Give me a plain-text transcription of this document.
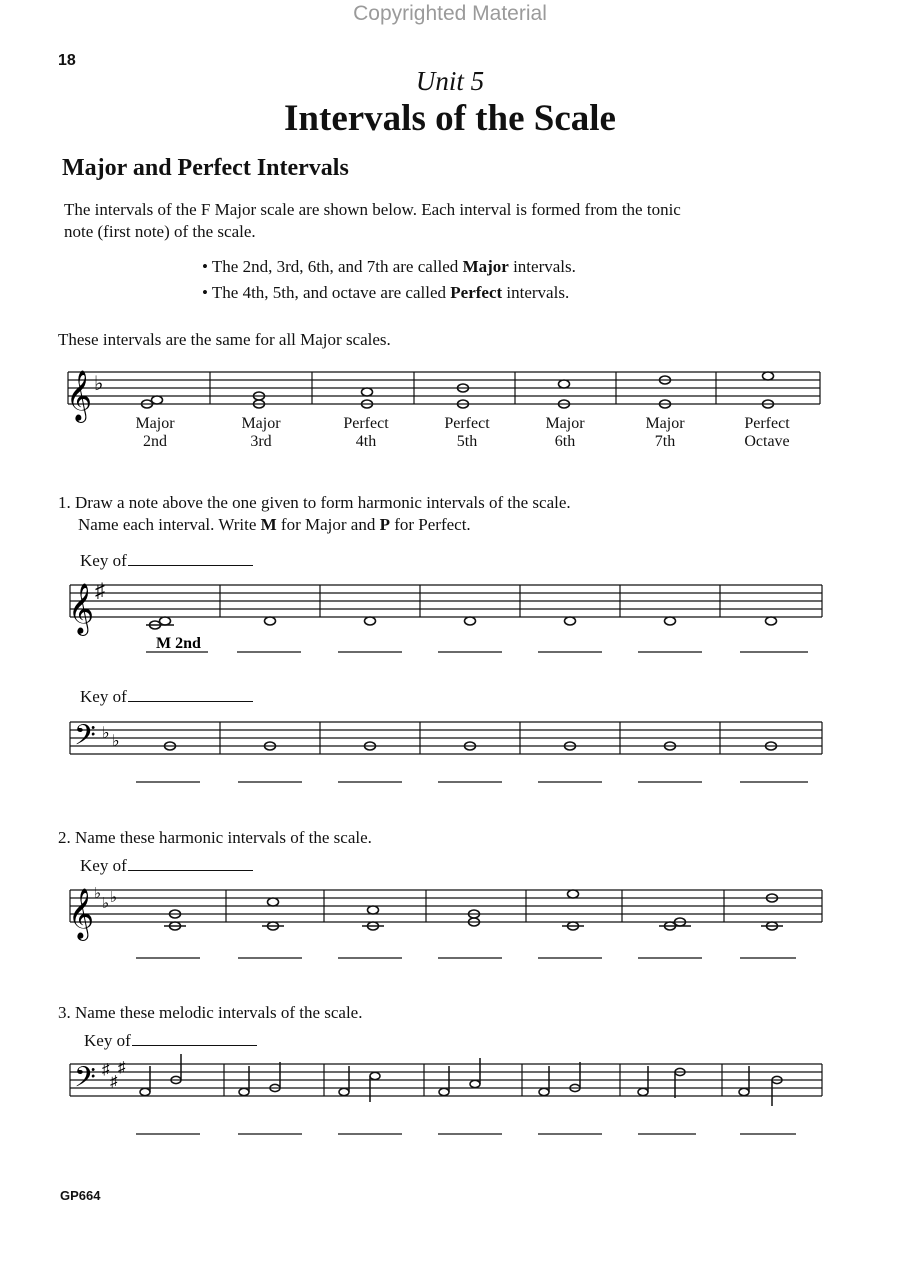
Copyrighted Material
18
Unit 5
Intervals of the Scale
Major and Perfect Intervals
The intervals of the F Major scale are shown below. Each interval is formed from the tonic
note (first note) of the scale.
• The 2nd, 3rd, 6th, and 7th are called Major intervals.
• The 4th, 5th, and octave are called Perfect intervals.
These intervals are the same for all Major scales.
𝄞 ♭
Major
2nd
Major
3rd
Perfect
4th
Perfect
5th
Major
6th
Major
7th
Perfect
Octave
1. Draw a note above the one given to form harmonic intervals of the scale.
Name each interval. Write M for Major and P for Perfect.
Key of
𝄞 ♯
M 2nd
Key of
𝄢 ♭ ♭
2. Name these harmonic intervals of the scale.
Key of
𝄞 ♭
♭ ♭
3. Name these melodic intervals of the scale.
Key of
𝄢 ♯
♯
♯
GP664
